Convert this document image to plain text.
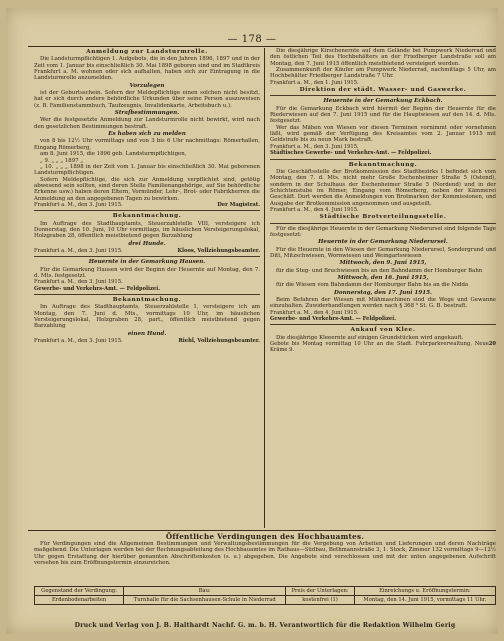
— 178 —
Anmeldung zur Landsturmrolle.

Die Landsturmpflichtigen 1. Aufgebots, die in den Jahren 1896, 1897 und in der Zeit vom 1. Januar bis einschließlich 30. Mai 1898 geboren sind und im Stadtkreis Frankfurt a. M. wohnen oder sich aufhalten, haben sich zur Eintragung in die Landsturmrolle anzumelden.

Vorzulegen

ist der Geburtsschein. Sofern der Meldepflichtige einen solchen nicht besitzt, hat er sich durch andere behördliche Urkunden über seine Person auszuweisen (z. B. Familienstammbuch, Taufzeugnis, Invalidenkarte, Arbeitsbuch u.).

Strafbestimmungen.

Wer die festgesetzte Anmeldung zur Landsturmrolle nicht bewirkt, wird nach den gesetzlichen Bestimmungen bestraft.

Es haben sich zu melden

von 8 bis 12½ Uhr vormittags und von 3 bis 6 Uhr nachmittags: Römerhallen, Eingang Römerberg,

am 8. Juni 1915, die 1896 geb. Landsturmpflichtigen,

„ 9. „ „ „ 1897 „

„ 10. „ „ „ 1898 in der Zeit vom 1. Januar bis einschließlich 30. Mai geborenen Landsturmpflichtigen.

Sofern Meldepflichtige, die sich zur Anmeldung verpflichtet sind, getötig abwesend sein sollten, sind deren Stelle Familienangehörige, auf Sie behördliche Erkenne usw.) haben deren Eltern, Vormünder, Lehr-, Brot- oder Fabrikherren die Anmeldung an den angegebenen Tagen zu bewirken.

Frankfurt a. M., den 3. Juni 1915.	Der Magistrat.
Bekanntmachung.

Im Auftrage des Stadthauptamts, Steuerzahlstelle VIII, versteigere ich Donnerstag, den 10. Juni, 10 Uhr vormittags, im häuslichen Versteigerungslokal, Holzgraben 28, öffentlich meistbietend gegen Barzahlung

drei Hunde.
Frankfurt a. M., den 3. Juni 1915.	Kloos, Vollziehungsbeamter.
Heuernte in der Gemarkung Hausen.

Für die Gemarkung Hausen wird der Beginn der Heuernte auf Montag, den 7. d. Mts. festgesetzt.

Frankfurt a. M., den 3. Juni 1915.
Gewerbe- und Verkehrs-Amt. — Feldpolizei.
Bekanntmachung.

Im Auftrage des Stadthauptamts, Steuerzahlstelle 1, versteigere ich am Montag, den 7. Juni d. Mts., vormittags 10 Uhr, im häuslichen Versteigerungslokal, Holzgraben 28, part., öffentlich meistbietend gegen Barzahlung

einen Hund.
Frankfurt a. M., den 3. Juni 1915.	Riehl, Vollziehungsbeamter.

Die diesjährige Kirschenernte auf dem Gelände bei Pumpwerk Niederrad und den östlichen Teil des Hochbehälters an der Friedberger Landstraße soll am Montag, den 7. Juni 1915 öffentlich meistbietend versteigert werden.

Zusammenkunft der Käufer am Pumpwerk Niederrad, nachmittags 5 Uhr, am Hochbehälter Friedberger Landstraße 7 Uhr.

Frankfurt a. M., den 1. Juni 1915.
Direktion der städt. Wasser- und Gaswerke.
Heuernte in der Gemarkung Eckbach.

Für die Gemarkung Eckbach wird hiermit der Beginn der Heuernte für die Riederwiesen auf den 7. Juni 1915 und für die Hauptwiesen auf den 14. d. Mts. festgesetzt.

Wer das Mähen von Wiesen vor diesen Terminen vornimmt oder vornehmen läßt, wird gemäß der Verfügung des Kreisamtes vom 2. Januar 1915 mit Geldstrafe bis zu neun Mark bestraft.

Frankfurt a. M., den 3. Juni 1915.
Städtisches Gewerbe- und Verkehrs-Amt. — Feldpolizei.
Bekanntmachung.

Die Geschäftsstelle der Brotkommission des Stadtbezirks I befindet sich vom Montag, den 7. d. Mts. nicht mehr Große Eschenheimer Straße 5 (Ostend), sondern in der Schulhaus der Eschenheimer Straße 5 (Nordend) und in der Schichtenstube im Römer, Eingang vom Römerberg, neben der Kämmerei Geschäft. Dort werden die Anmeldungen von Brotmarken der Kommissionen, und Ausgabe der Brotkommission angenommen und ausgeteilt.

Frankfurt a. M., den 4. Juni 1915.
Städtische Brotverteilungsstelle.

Für die diesjährige Heuernte in der Gemarkung Niederursel sind folgende Tage festgesetzt:

Heuernte in der Gemarkung Niederursel.

Für die Heuernte in den Wiesen der Gemarkung Niederursel, Sondergrund und Ditt, Mitzschwiesen, Wornwiesen und Weingartswiesen

Mittwoch, den 9. Juni 1915,

für die Steg- und Bruchwiesen bis an den Bahndamm der Homburger Bahn

Mittwoch, den 16. Juni 1915,

für die Wiesen vom Bahndamm der Homburger Bahn bis an die Nidda

Donnerstag, den 17. Juni 1915.

Beim Befahren der Wiesen mit Mähmaschinen sind die Wege und Gewanne einzuhalten. Zuwiderhandlungen werden nach § 368 ⁹ St. G. B. bestraft.

Frankfurt a. M., den 4. Juni 1915.
Gewerbe- und Verkehrs-Amt. — Feldpolizei.
Ankauf von Klee.

Die diesjährige Kleeernte auf einigen Grundstücken wird angekauft.

Gebote bis Montag vormittag 10 Uhr an die Stadt. Fuhrparkverwaltung, Neue Kräme 9.
20
Öffentliche Verdingungen des Hochbauamtes.
Für Verdingungen sind die Allgemeinen Bestimmungen und Verwaltungsbestimmungen für die Vergebung von Arbeiten und Lieferungen und deren Nachträge maßgebend. Die Unterlagen werden bei der Rechnungsabteilung des Hochbauamtes im Rathaus—Südbau, Bethmannstraße 3, 1. Stock, Zimmer 132 vormittags 9—12½ Uhr gegen Erstattung der hierüber genannten Abschriftenkosten (s. u.) abgegeben. Die Angebote sind verschlossen und mit der unten angegebenen Aufschrift versehen bis zum Eröffnungstermin einzureichen.
Gegenstand der Verdingung:	Bau:	Preis der Unterlagen:	Einreichungs u. Eröffnungstermin:
Erdenbodenarbeiten	Turnhalle für die Sachsenhausen-Schule in Niederrad	kostenfrei (1)	Montag, den 14. Juni 1915, vormittags 11 Uhr.
Druck und Verlag von J. B. Halthardt Nachf. G. m. b. H. Verantwortlich für die Redaktion Wilhelm Gerig
